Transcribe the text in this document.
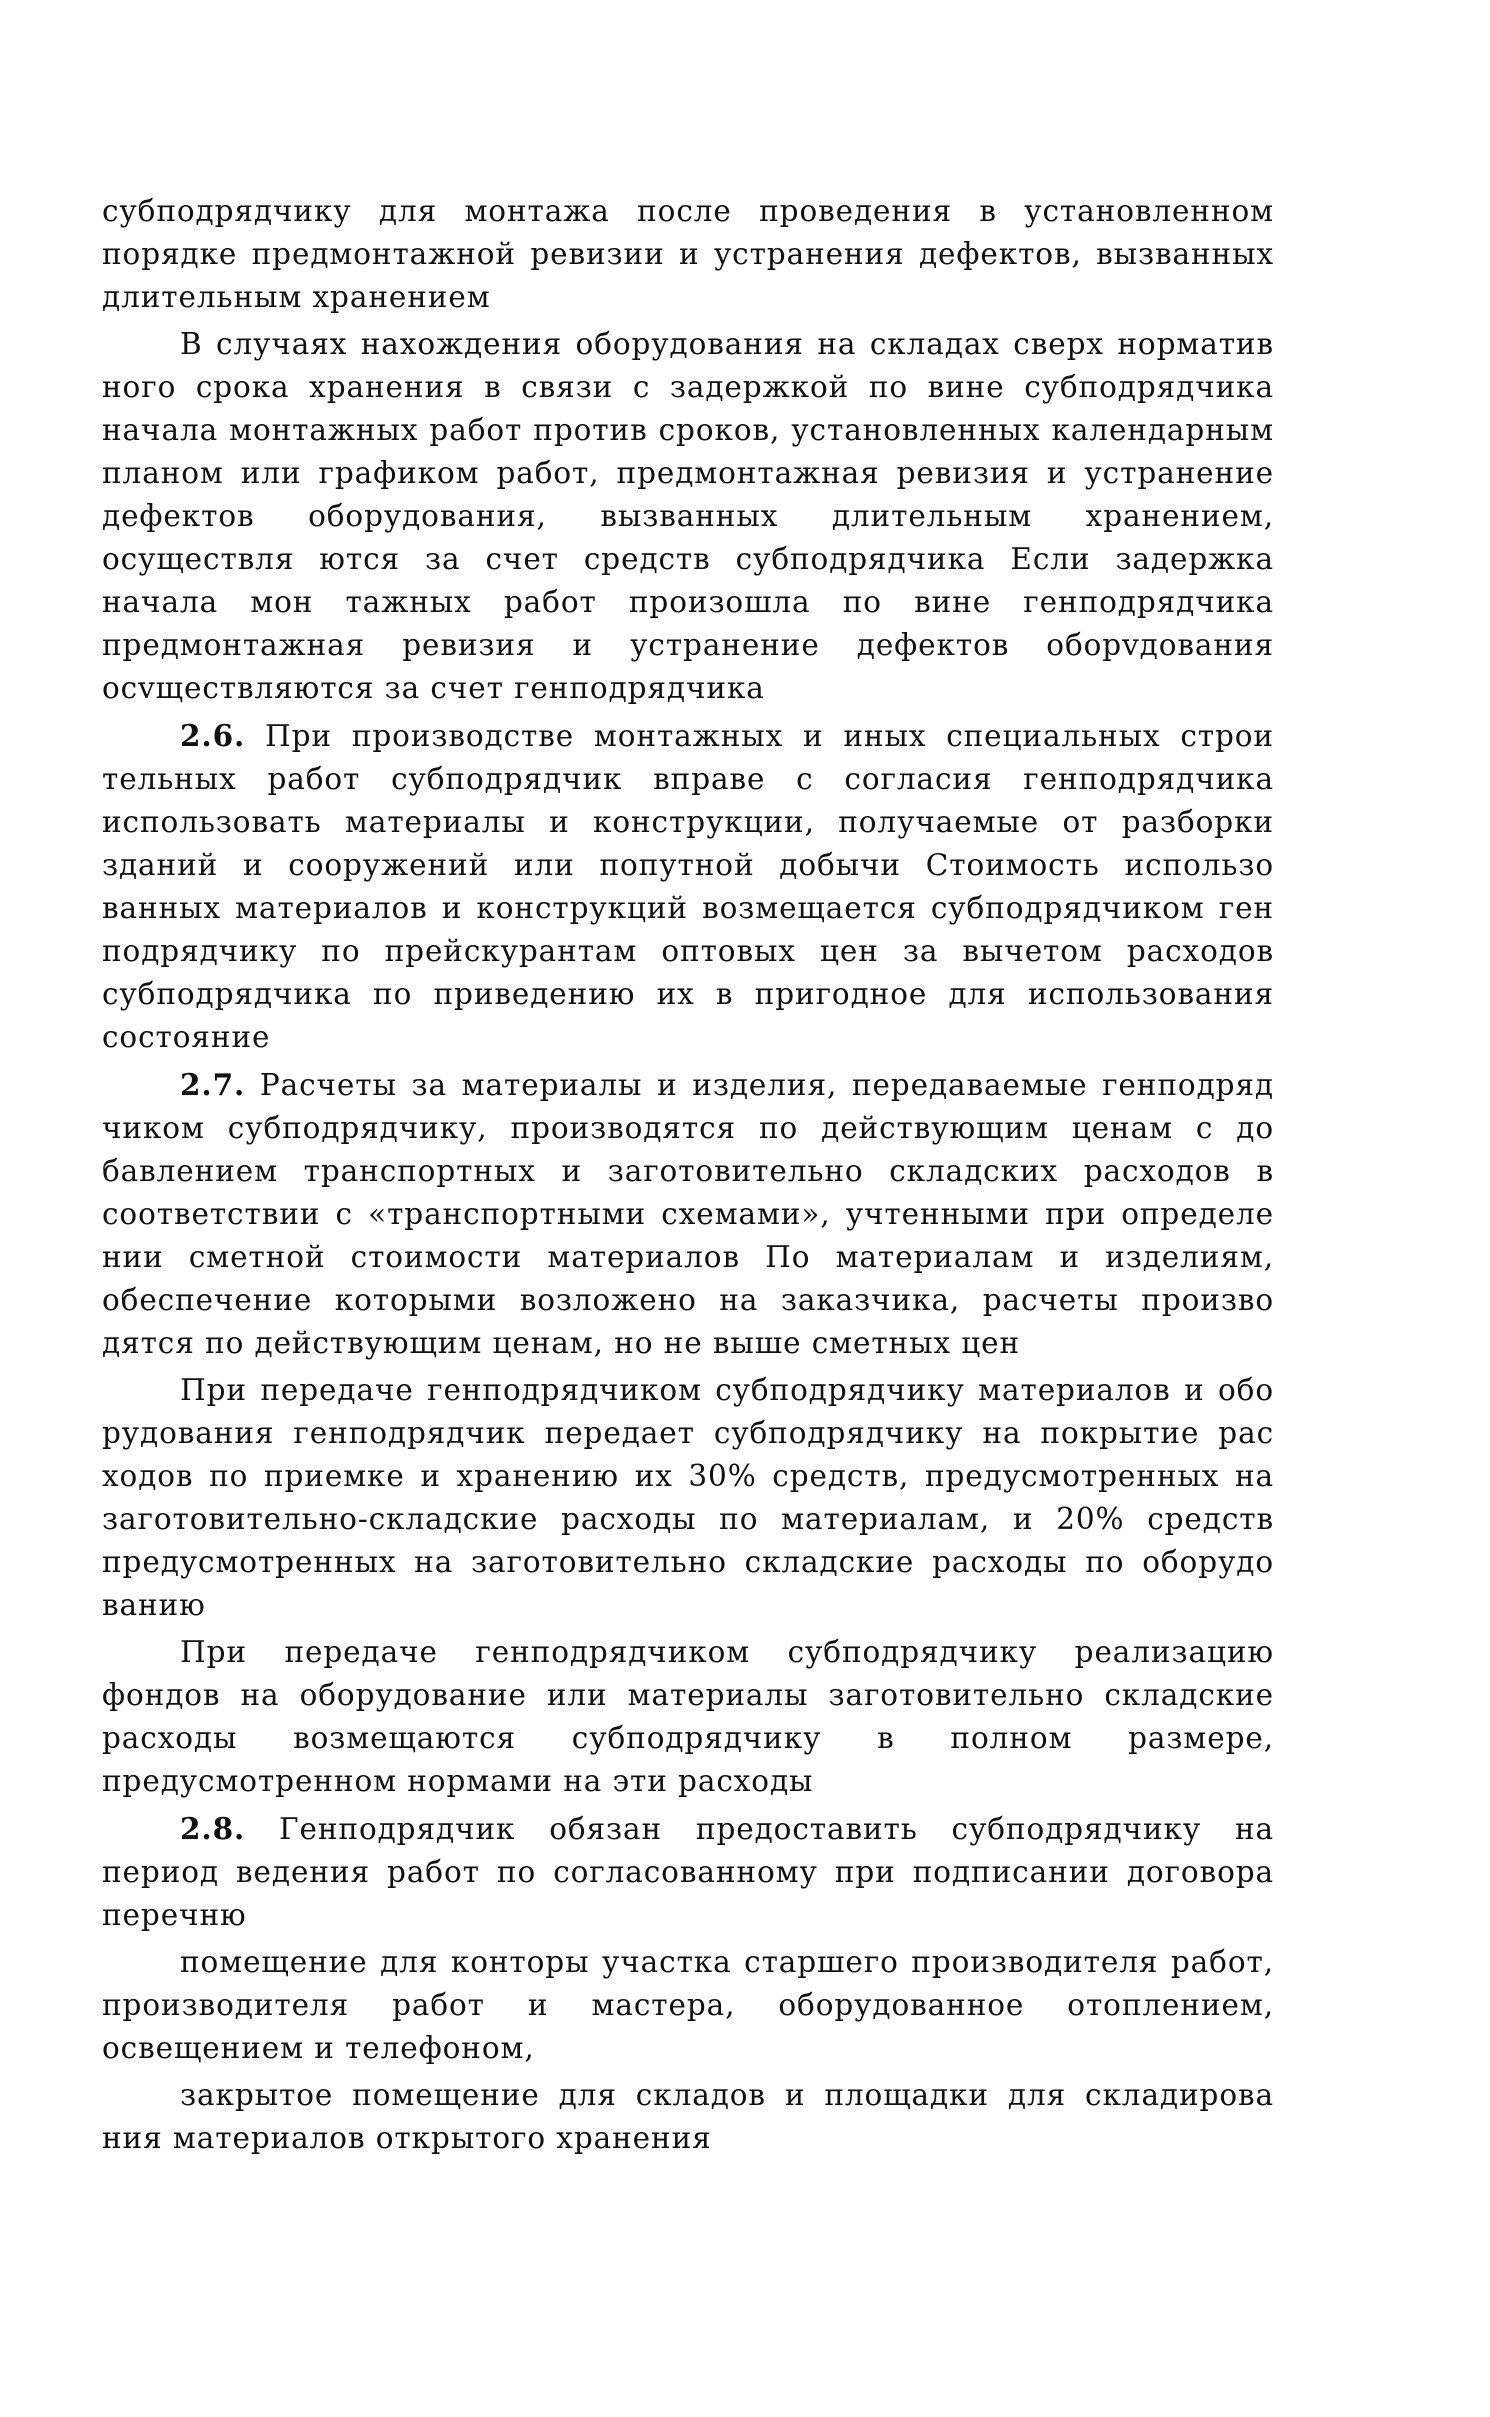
субподрядчику для монтажа после проведения в установленном порядке предмонтажной ревизии и устранения дефектов, вызванных длительным хранением

В случаях нахождения оборудования на складах сверх норматив ного срока хранения в связи с задержкой по вине субподрядчика начала монтажных работ против сроков, установленных календарным планом или графиком работ, предмонтажная ревизия и устранение дефектов оборудования, вызванных длительным хранением, осуществля ются за счет средств субподрядчика Если задержка начала мон тажных работ произошла по вине генподрядчика предмонтажная ревизия и устранение дефектов оборvдования осvществляются за счет генподрядчика

2.6. При производстве монтажных и иных специальных строи тельных работ субподрядчик вправе с согласия генподрядчика использовать материалы и конструкции, получаемые от разборки зданий и сооружений или попутной добычи Стоимость использо ванных материалов и конструкций возмещается субподрядчиком ген подрядчику по прейскурантам оптовых цен за вычетом расходов субподрядчика по приведению их в пригодное для использования состояние

2.7. Расчеты за материалы и изделия, передаваемые генподряд чиком субподрядчику, производятся по действующим ценам с до бавлением транспортных и заготовительно складских расходов в соответствии с «транспортными схемами», учтенными при определе нии сметной стоимости материалов По материалам и изделиям, обеспечение которыми возложено на заказчика, расчеты произво дятся по действующим ценам, но не выше сметных цен

При передаче генподрядчиком субподрядчику материалов и обо рудования генподрядчик передает субподрядчику на покрытие рас ходов по приемке и хранению их 30% средств, предусмотренных на заготовительно-складские расходы по материалам, и 20% средств предусмотренных на заготовительно складские расходы по оборудо ванию

При передаче генподрядчиком субподрядчику реализацию фондов на оборудование или материалы заготовительно складские расходы возмещаются субподрядчику в полном размере, предусмотренном нормами на эти расходы

2.8. Генподрядчик обязан предоставить субподрядчику на период ведения работ по согласованному при подписании договора перечню

помещение для конторы участка старшего производителя работ, производителя работ и мастера, оборудованное отоплением, освещением и телефоном,

закрытое помещение для складов и площадки для складирова ния материалов открытого хранения
